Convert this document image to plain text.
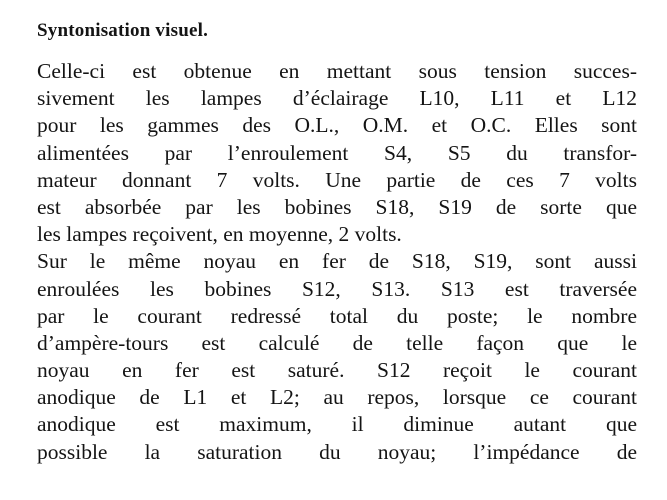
Syntonisation visuel.
Celle-ci est obtenue en mettant sous tension succes-
sivement les lampes d’éclairage L10, L11 et L12
pour les gammes des O.L., O.M. et O.C. Elles sont
alimentées par l’enroulement S4, S5 du transfor-
mateur donnant 7 volts. Une partie de ces 7 volts
est absorbée par les bobines S18, S19 de sorte que
les lampes reçoivent, en moyenne, 2 volts.
Sur le même noyau en fer de S18, S19, sont aussi
enroulées les bobines S12, S13. S13 est traversée
par le courant redressé total du poste; le nombre
d’ampère-tours est calculé de telle façon que le
noyau en fer est saturé. S12 reçoit le courant
anodique de L1 et L2; au repos, lorsque ce courant
anodique est maximum, il diminue autant que
possible la saturation du noyau; l’impédance de
